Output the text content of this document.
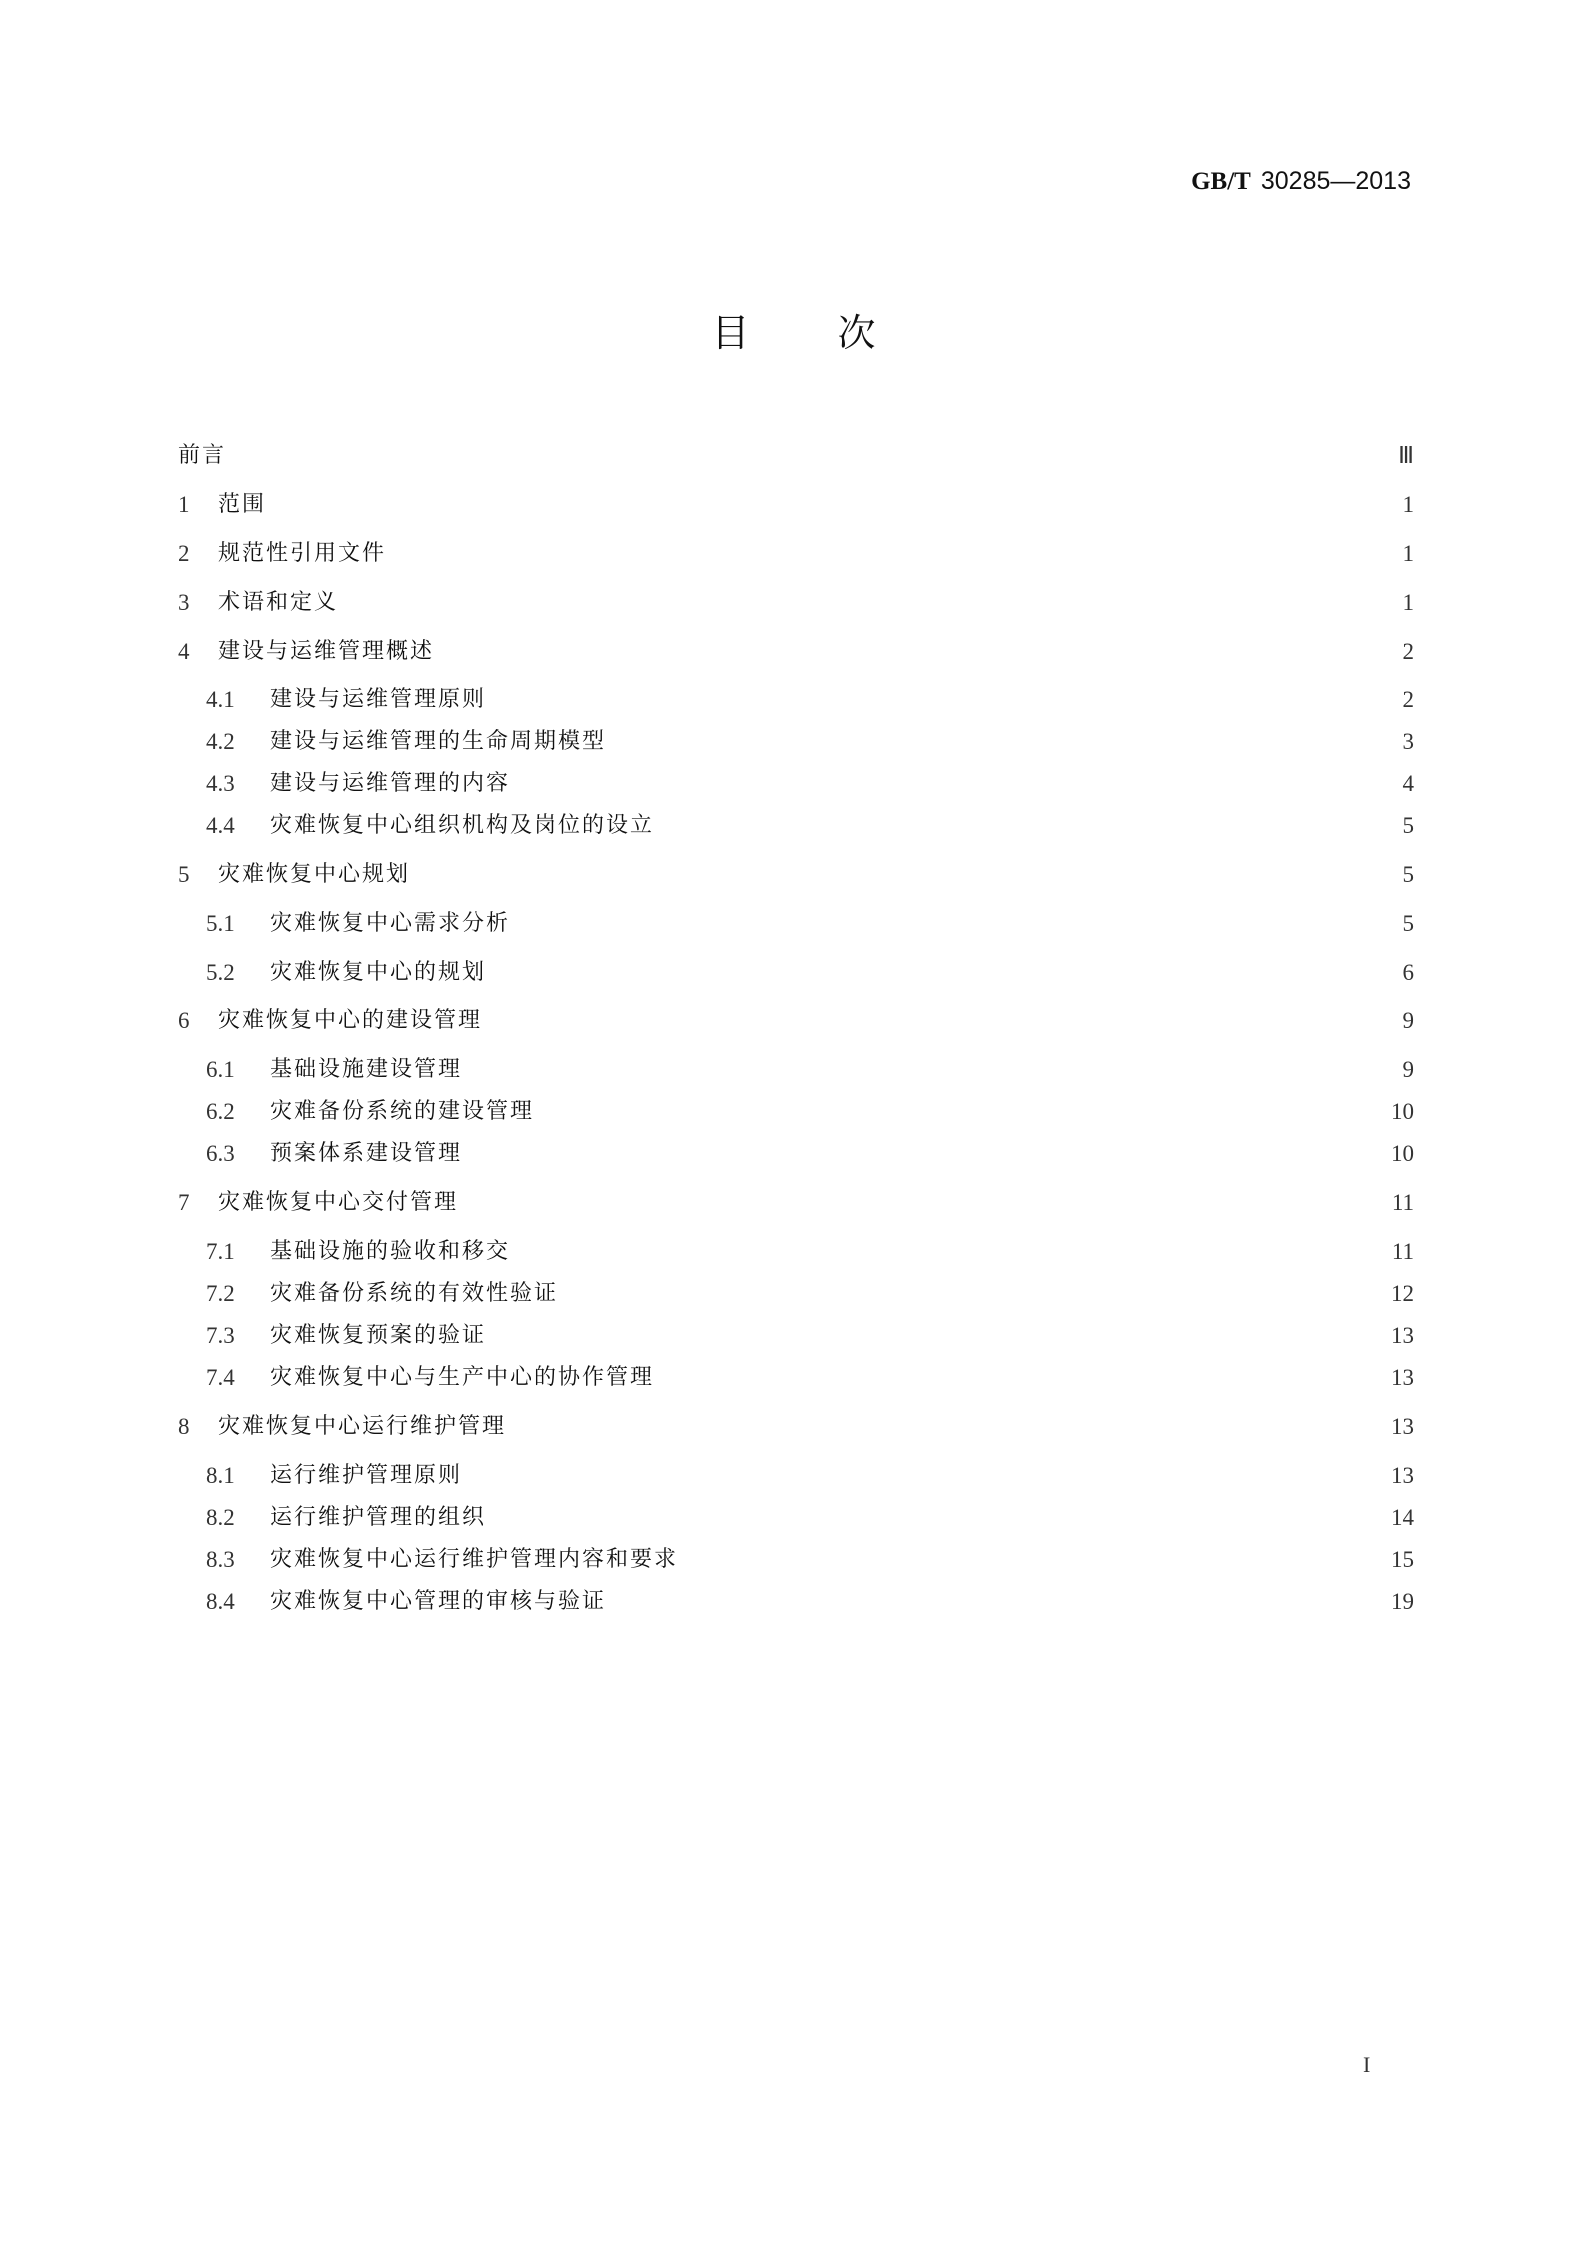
GB/T 30285—2013
目 次
前言	Ⅲ
1	范围	1
2	规范性引用文件	1
3	术语和定义	1
4	建设与运维管理概述	2
4.1	建设与运维管理原则	2
4.2	建设与运维管理的生命周期模型	3
4.3	建设与运维管理的内容	4
4.4	灾难恢复中心组织机构及岗位的设立	5
5	灾难恢复中心规划	5
5.1	灾难恢复中心需求分析	5
5.2	灾难恢复中心的规划	6
6	灾难恢复中心的建设管理	9
6.1	基础设施建设管理	9
6.2	灾难备份系统的建设管理	10
6.3	预案体系建设管理	10
7	灾难恢复中心交付管理	11
7.1	基础设施的验收和移交	11
7.2	灾难备份系统的有效性验证	12
7.3	灾难恢复预案的验证	13
7.4	灾难恢复中心与生产中心的协作管理	13
8	灾难恢复中心运行维护管理	13
8.1	运行维护管理原则	13
8.2	运行维护管理的组织	14
8.3	灾难恢复中心运行维护管理内容和要求	15
8.4	灾难恢复中心管理的审核与验证	19
I
